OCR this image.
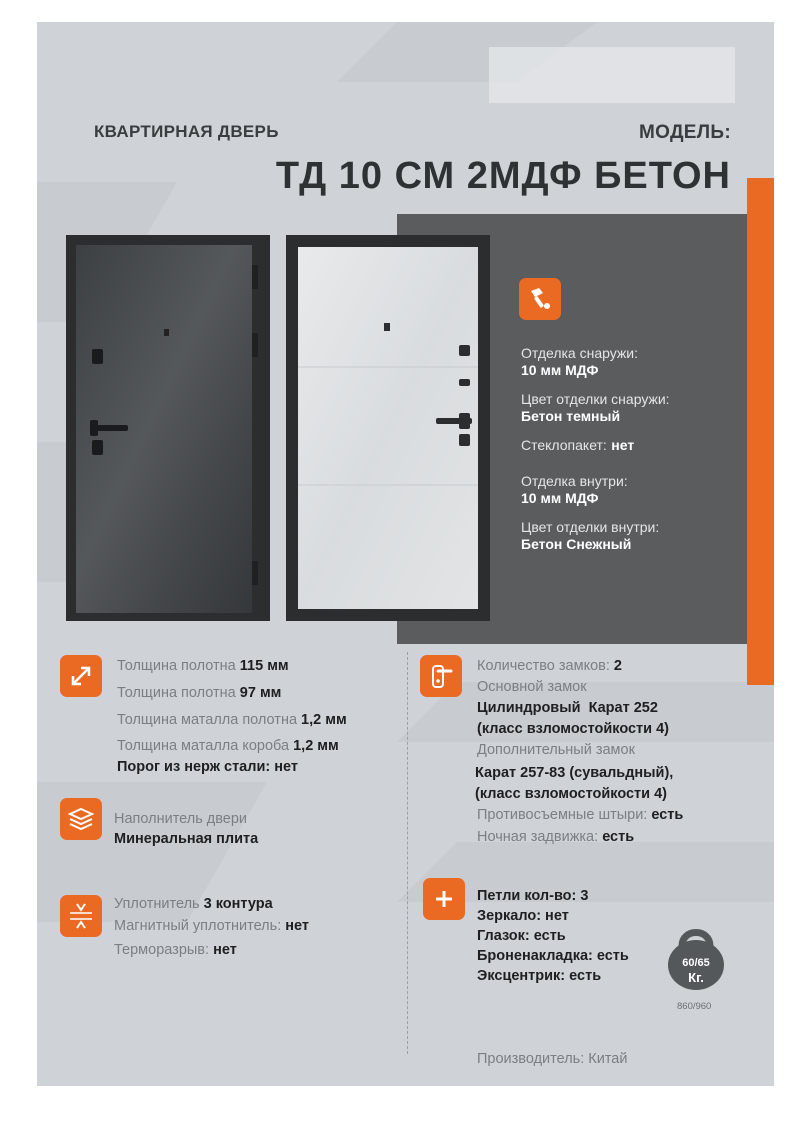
КВАРТИРНАЯ ДВЕРЬ	МОДЕЛЬ:
ТД 10 СМ 2МДФ БЕТОН
Отделка снаружи:
10 мм МДФ
Цвет отделки снаружи:
Бетон темный
Стеклопакет: нет
Отделка внутри:
10 мм МДФ
Цвет отделки внутри:
Бетон Снежный
Толщина полотна 115 мм
Толщина полотна 97 мм
Толщина маталла полотна 1,2 мм
Толщина маталла короба 1,2 мм
Порог из нерж стали: нет
Наполнитель двери
Минеральная плита
Уплотнитель 3 контура
Магнитный уплотнитель: нет
Терморазрыв: нет
Количество замков: 2
Основной замок
Цилиндровый  Карат 252
(класс взломостойкости 4)
Дополнительный замок
Карат 257-83 (сувальдный),
(класс взломостойкости 4)
Противосъемные штыри: есть
Ночная задвижка: есть
Петли кол-во: 3
Зеркало: нет
Глазок: есть
Броненакладка: есть
Эксцентрик: есть
60/65
Кг.
860/960
Производитель: Китай
